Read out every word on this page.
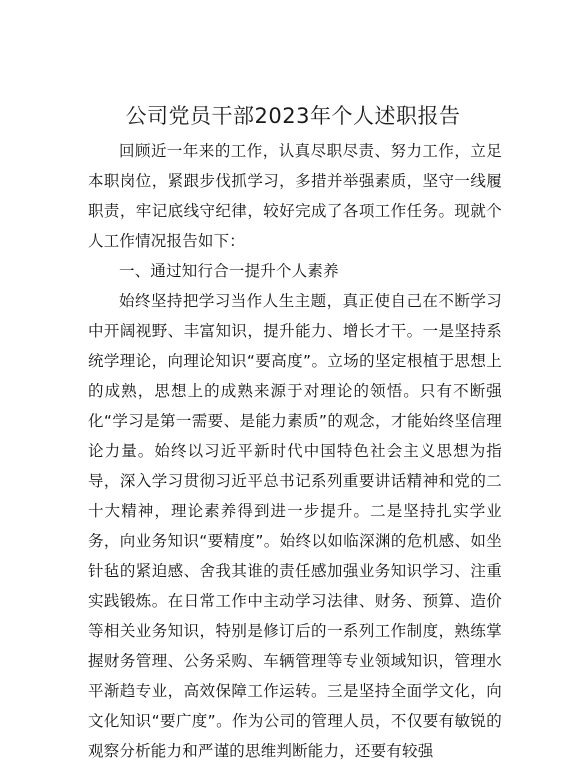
公司党员干部2023年个人述职报告

回顾近一年来的工作，认真尽职尽责、努力工作，立足本职岗位，紧跟步伐抓学习，多措并举强素质，坚守一线履职责，牢记底线守纪律，较好完成了各项工作任务。现就个人工作情况报告如下：

一、通过知行合一提升个人素养

始终坚持把学习当作人生主题，真正使自己在不断学习中开阔视野、丰富知识，提升能力、增长才干。一是坚持系统学理论，向理论知识“要高度”。立场的坚定根植于思想上的成熟，思想上的成熟来源于对理论的领悟。只有不断强化“学习是第一需要、是能力素质”的观念，才能始终坚信理论力量。始终以习近平新时代中国特色社会主义思想为指导，深入学习贯彻习近平总书记系列重要讲话精神和党的二十大精神，理论素养得到进一步提升。二是坚持扎实学业务，向业务知识“要精度”。始终以如临深渊的危机感、如坐针毡的紧迫感、舍我其谁的责任感加强业务知识学习、注重实践锻炼。在日常工作中主动学习法律、财务、预算、造价等相关业务知识，特别是修订后的一系列工作制度，熟练掌握财务管理、公务采购、车辆管理等专业领域知识，管理水平渐趋专业，高效保障工作运转。三是坚持全面学文化，向文化知识“要广度”。作为公司的管理人员，不仅要有敏锐的观察分析能力和严谨的思维判断能力，还要有较强
